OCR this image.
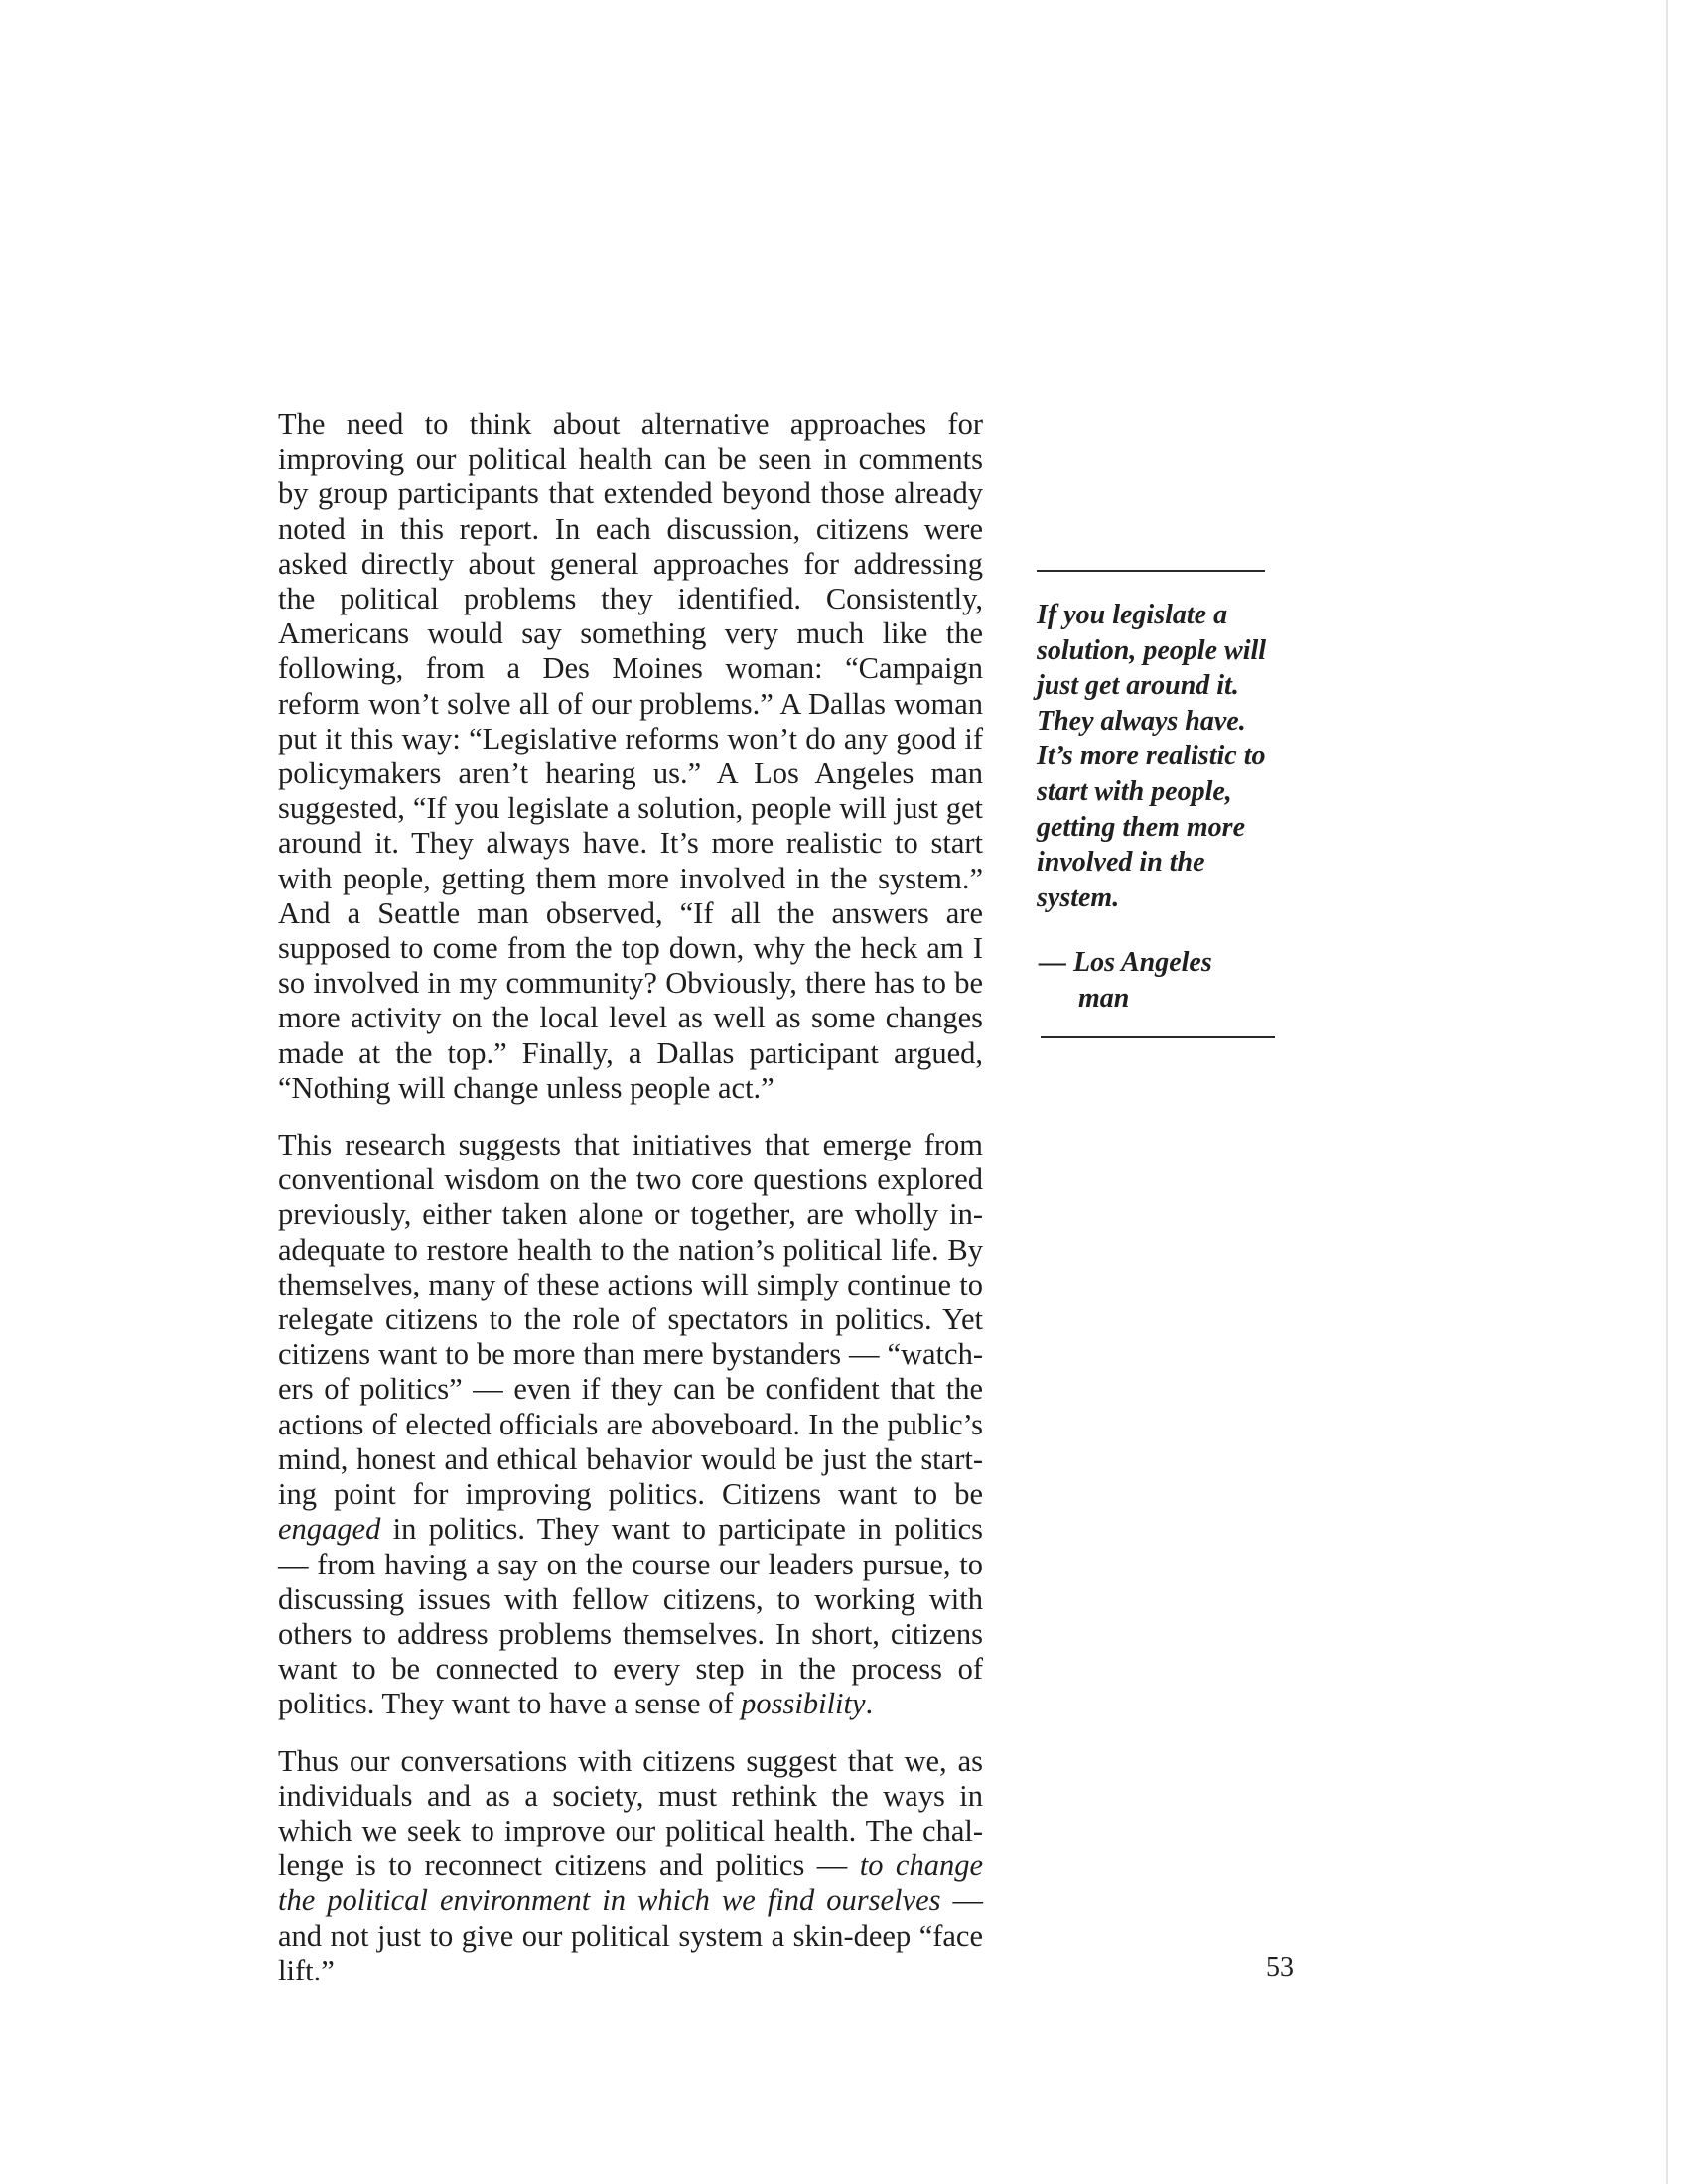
The need to think about alternative approaches for improving our political health can be seen in comments by group participants that extended beyond those already noted in this report. In each discussion, citizens were asked directly about general approaches for addressing the political problems they identified. Consistently, Americans would say something very much like the following, from a Des Moines woman: “Campaign reform won’t solve all of our problems.” A Dallas woman put it this way: “Legislative reforms won’t do any good if policymakers aren’t hearing us.” A Los Angeles man suggested, “If you legislate a solution, people will just get around it. They always have. It’s more realistic to start with people, getting them more involved in the system.” And a Seattle man observed, “If all the answers are supposed to come from the top down, why the heck am I so involved in my community? Obviously, there has to be more activity on the local level as well as some changes made at the top.” Finally, a Dallas participant argued, “Nothing will change unless people act.”

This research suggests that initiatives that emerge from conventional wisdom on the two core questions explored previously, either taken alone or together, are wholly inadequate to restore health to the nation’s political life. By themselves, many of these actions will simply continue to relegate citizens to the role of spectators in politics. Yet citizens want to be more than mere bystanders — “watchers of politics” — even if they can be confident that the actions of elected officials are aboveboard. In the public’s mind, honest and ethical behavior would be just the starting point for improving politics. Citizens want to be engaged in politics. They want to participate in politics — from having a say on the course our leaders pursue, to discussing issues with fellow citizens, to working with others to address problems themselves. In short, citizens want to be connected to every step in the process of politics. They want to have a sense of possibility.

Thus our conversations with citizens suggest that we, as individuals and as a society, must rethink the ways in which we seek to improve our political health. The challenge is to reconnect citizens and politics — to change the political environment in which we find ourselves — and not just to give our political system a skin-deep “face lift.”

If you legislate a solution, people will just get around it. They always have. It’s more realistic to start with people, getting them more involved in the system.
— Los Angeles
man
53
